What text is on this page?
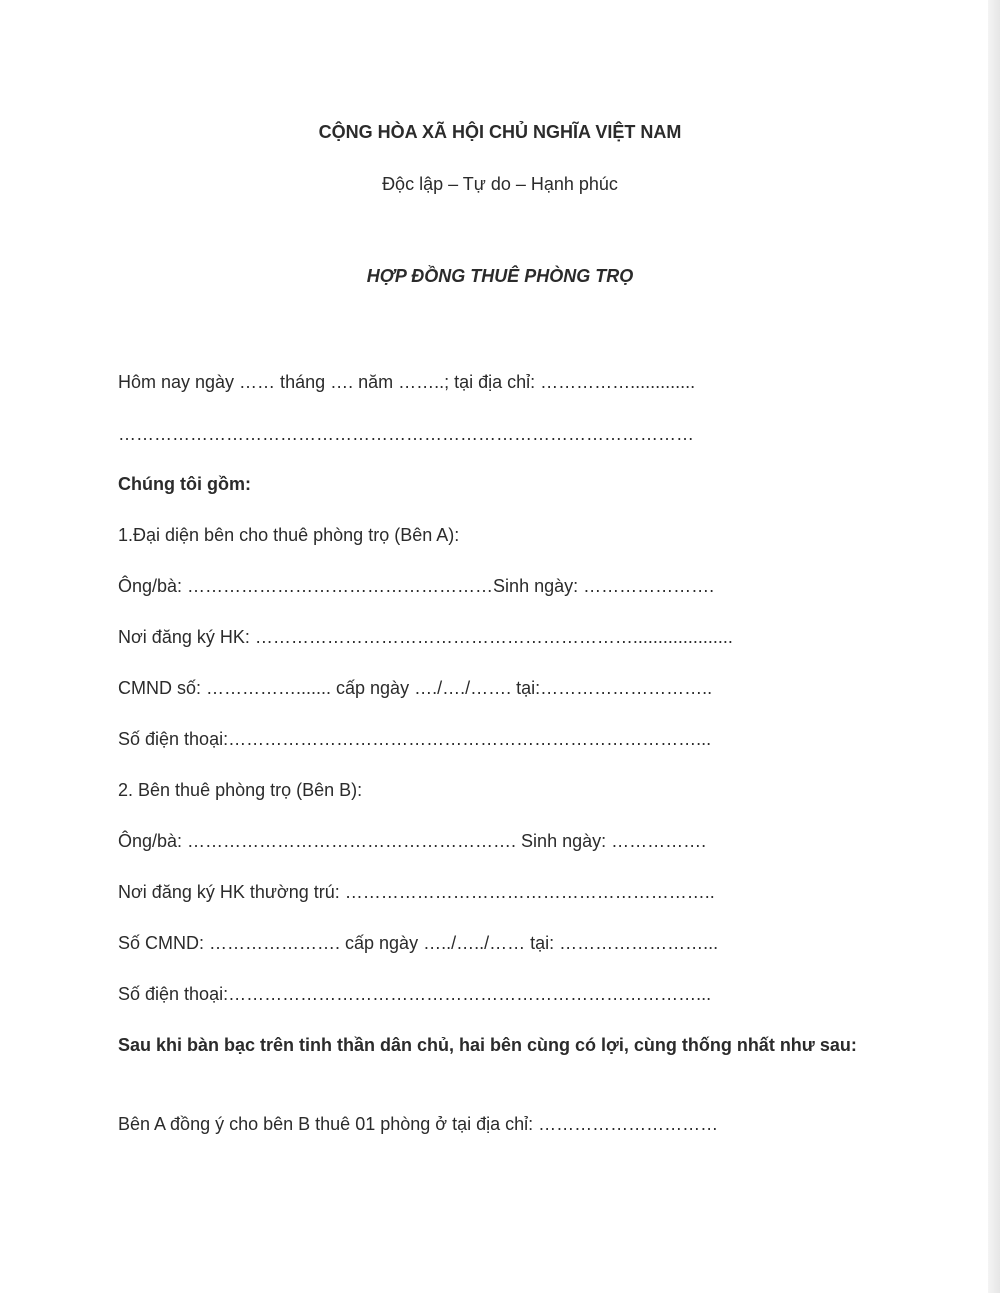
CỘNG HÒA XÃ HỘI CHỦ NGHĨA VIỆT NAM
Độc lập – Tự do – Hạnh phúc
HỢP ĐỒNG THUÊ PHÒNG TRỌ
Hôm nay ngày …… tháng …. năm ……..; tại địa chỉ: …………….............
……………………………………………………………………………………
Chúng tôi gồm:
1.Đại diện bên cho thuê phòng trọ (Bên A):
Ông/bà: ……………………………………………Sinh ngày: ………………….
Nơi đăng ký HK: ………………………………………………………....................
CMND số: ……………....... cấp ngày …./…./……. tại:………………………..
Số điện thoại:……………………………………………………………………...
2. Bên thuê phòng trọ (Bên B):
Ông/bà: ………………………………………………. Sinh ngày: …………….
Nơi đăng ký HK thường trú: ……………………………………………………..
Số CMND: …………………. cấp ngày …../…../…… tại: ……………………...
Số điện thoại:……………………………………………………………………...
Sau khi bàn bạc trên tinh thần dân chủ, hai bên cùng có lợi, cùng thống nhất như sau:
Bên A đồng ý cho bên B thuê 01 phòng ở tại địa chỉ: …………………………
